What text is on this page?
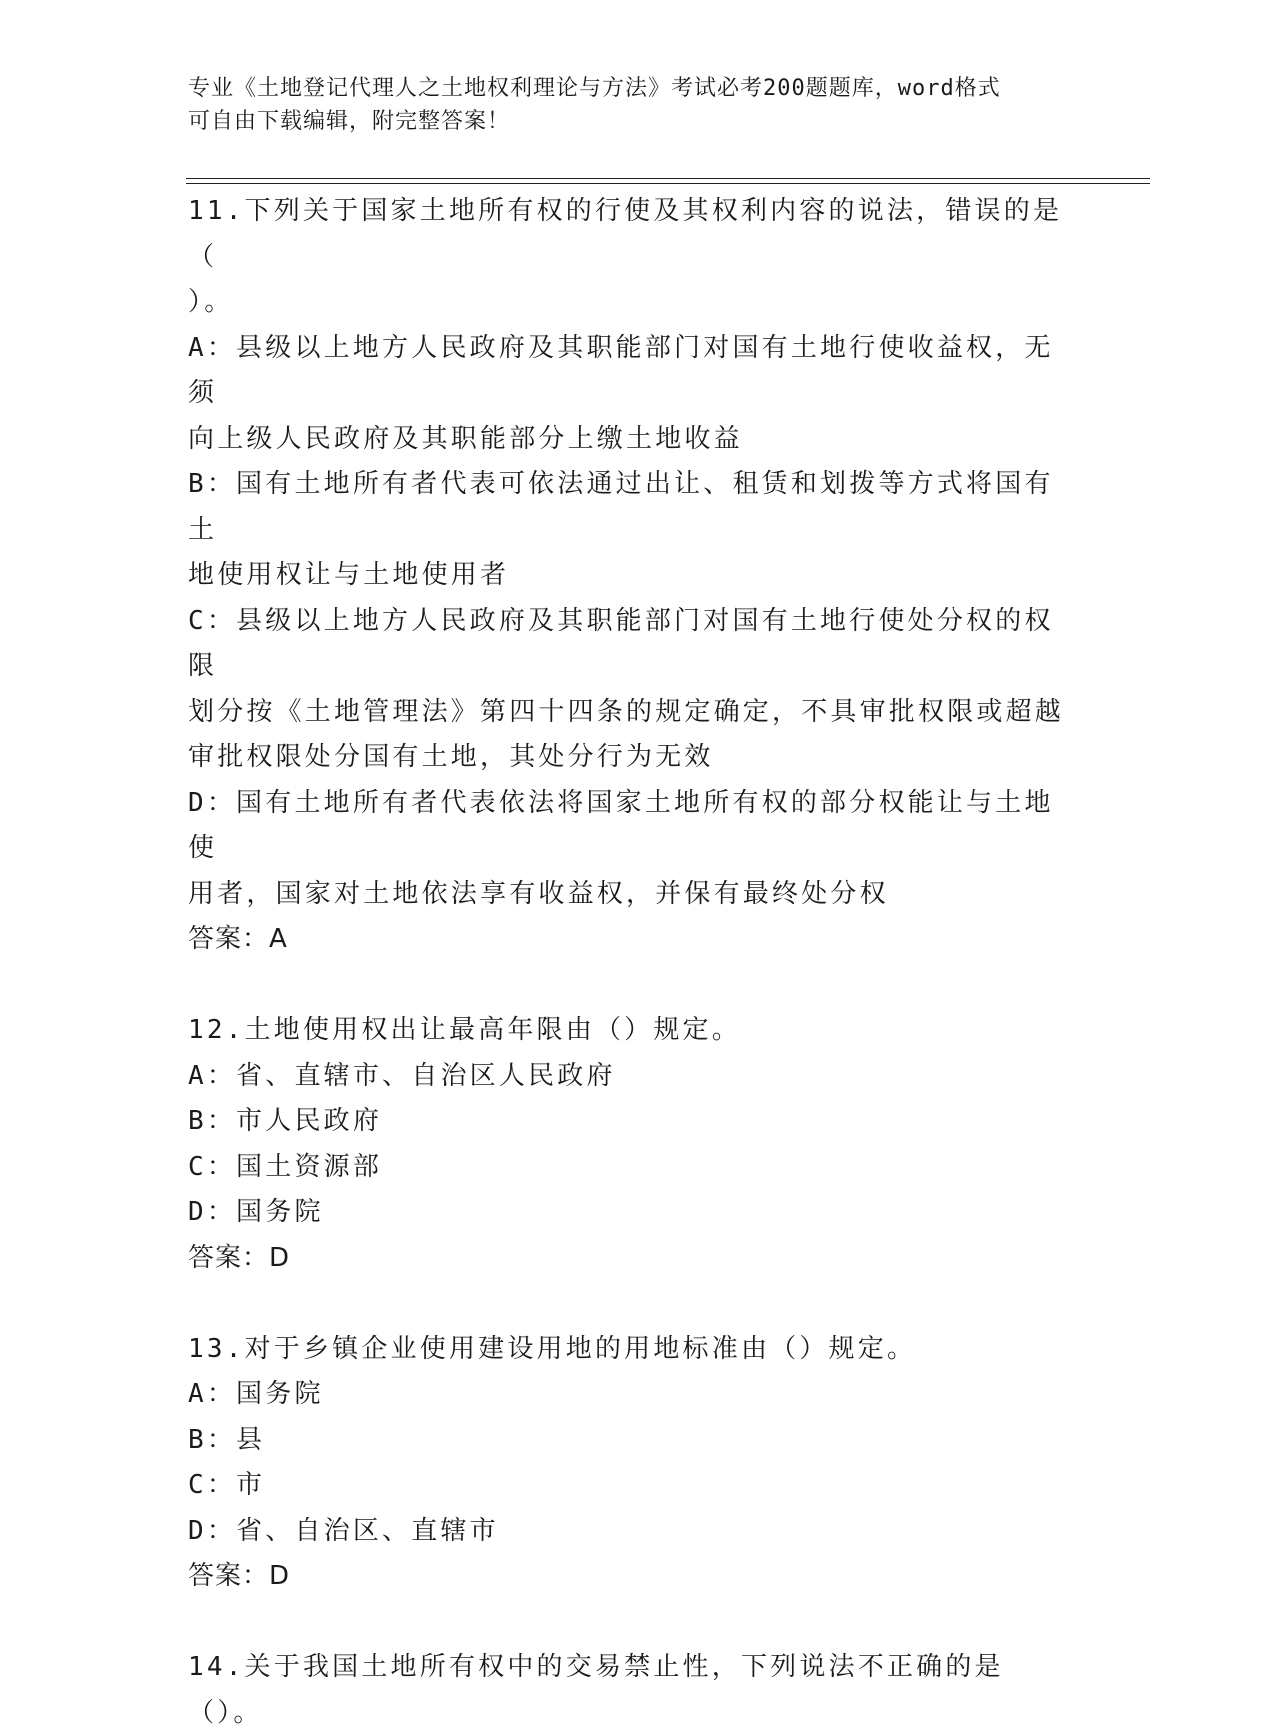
专业《土地登记代理人之土地权利理论与方法》考试必考200题题库，word格式
可自由下载编辑，附完整答案！

11.下列关于国家土地所有权的行使及其权利内容的说法，错误的是（

）。

A：县级以上地方人民政府及其职能部门对国有土地行使收益权，无须

向上级人民政府及其职能部分上缴土地收益

B：国有土地所有者代表可依法通过出让、租赁和划拨等方式将国有土

地使用权让与土地使用者

C：县级以上地方人民政府及其职能部门对国有土地行使处分权的权限

划分按《土地管理法》第四十四条的规定确定，不具审批权限或超越

审批权限处分国有土地，其处分行为无效

D：国有土地所有者代表依法将国家土地所有权的部分权能让与土地使

用者，国家对土地依法享有收益权，并保有最终处分权

答案：A

12.土地使用权出让最高年限由（）规定。

A：省、直辖市、自治区人民政府

B：市人民政府

C：国土资源部

D：国务院

答案：D

13.对于乡镇企业使用建设用地的用地标准由（）规定。

A：国务院

B：县

C：市

D：省、自治区、直辖市

答案：D

14.关于我国土地所有权中的交易禁止性，下列说法不正确的是（）。
